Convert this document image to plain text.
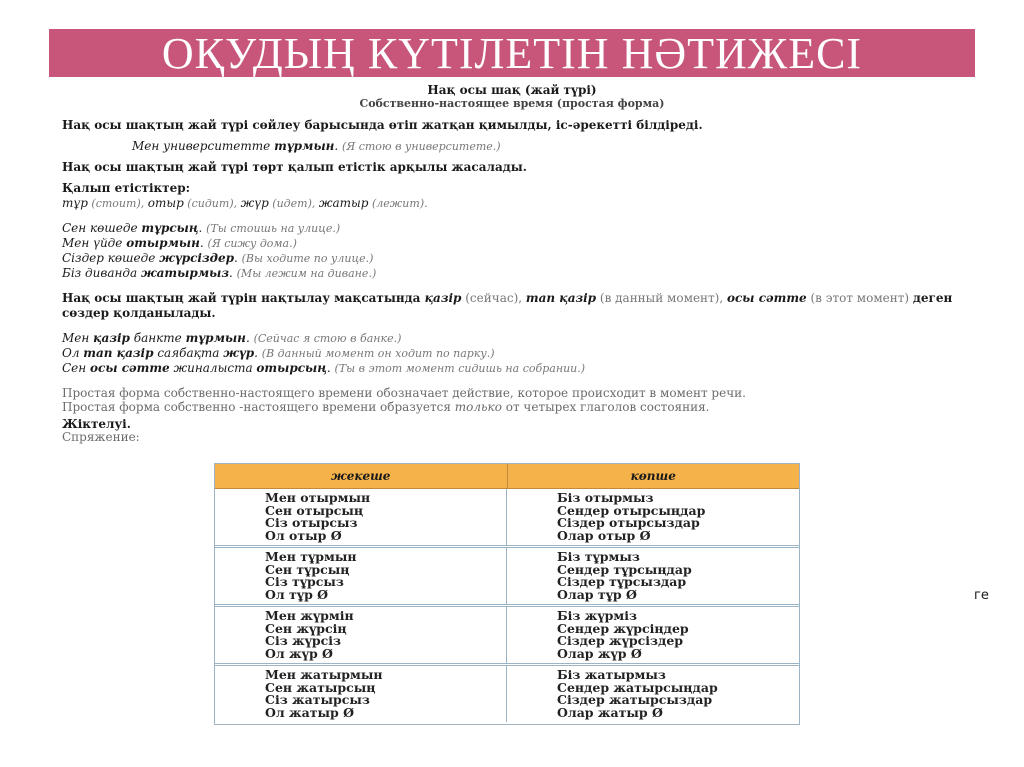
ОҚУДЫҢ КҮТІЛЕТІН НӘТИЖЕСІ
Нақ осы шақ (жай түрі)
Собственно-настоящее время (простая форма)
Нақ осы шақтың жай түрі сөйлеу барысында өтіп жатқан қимылды, іс-әрекетті білдіреді.
Мен университетте тұрмын. (Я стою в университете.)
Нақ осы шақтың жай түрі төрт қалып етістік арқылы жасалады.
Қалып етістіктер:
тұр (стоит), отыр (сидит), жүр (идет), жатыр (лежит).
Сен көшеде тұрсың. (Ты стоишь на улице.)
Мен үйде отырмын. (Я сижу дома.)
Сіздер көшеде жүрсіздер. (Вы ходите по улице.)
Біз диванда жатырмыз. (Мы лежим на диване.)
Нақ осы шақтың жай түрін нақтылау мақсатында қазір (сейчас), тап қазір (в данный момент), осы сәтте (в этот момент) деген сөздер қолданылады.
Мен қазір банкте тұрмын. (Сейчас я стою в банке.)
Ол тап қазір саябақта жүр. (В данный момент он ходит по парку.)
Сен осы сәтте жиналыста отырсың. (Ты в этот момент сидишь на собрании.)
Простая форма собственно-настоящего времени обозначает действие, которое происходит в момент речи.
Простая форма собственно -настоящего времени образуется только от четырех глаголов состояния.
Жіктелуі.
Спряжение:
жекеше	көпше
Мен отырмын
Сен отырсың
Сіз отырсыз
Ол отыр Ø
Біз отырмыз
Сендер отырсыңдар
Сіздер отырсыздар
Олар отыр Ø
Мен тұрмын
Сен тұрсың
Сіз тұрсыз
Ол тұр Ø
Біз тұрмыз
Сендер тұрсыңдар
Сіздер тұрсыздар
Олар тұр Ø
Мен жүрмін
Сен жүрсің
Сіз жүрсіз
Ол жүр Ø
Біз жүрміз
Сендер жүрсіңдер
Сіздер жүрсіздер
Олар жүр Ø
Мен жатырмын
Сен жатырсың
Сіз жатырсыз
Ол жатыр Ø
Біз жатырмыз
Сендер жатырсыңдар
Сіздер жатырсыздар
Олар жатыр Ø
ге
